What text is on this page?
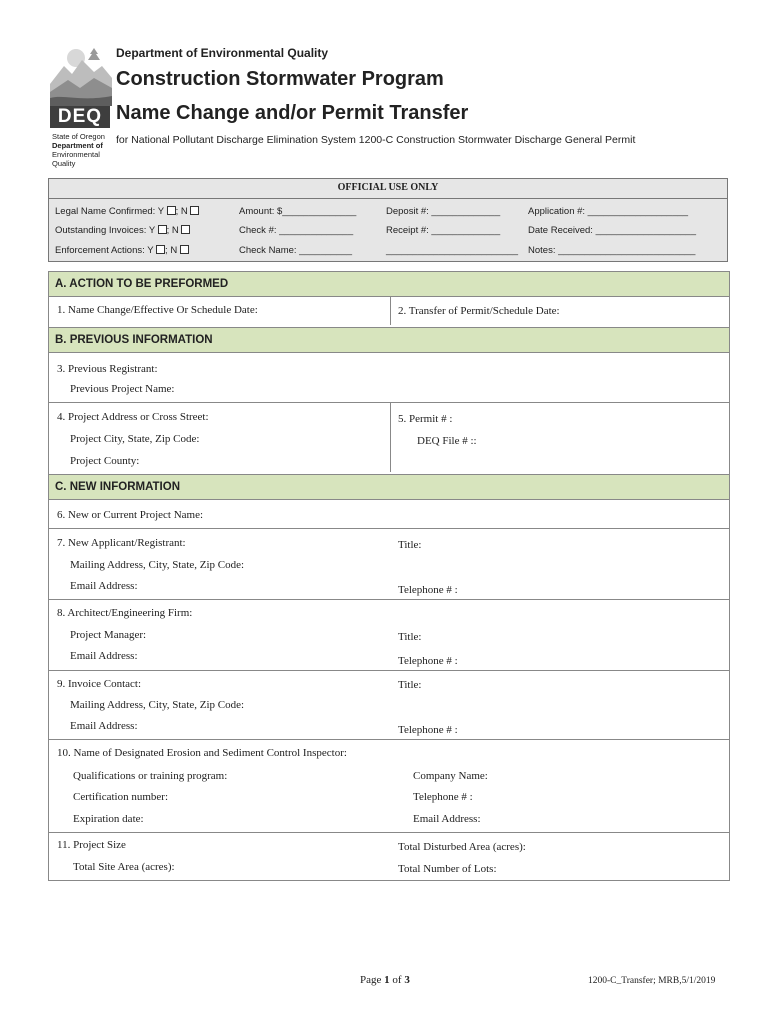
DEQ
State of Oregon
Department of
Environmental
Quality
Department of Environmental Quality
Construction Stormwater Program
Name Change and/or Permit Transfer
for National Pollutant Discharge Elimination System 1200-C Construction Stormwater Discharge General Permit
OFFICIAL USE ONLY
Legal Name Confirmed: Y ; N
Outstanding Invoices: Y ; N
Enforcement Actions: Y ; N
Amount: $______________
Check #: ______________
Check Name: __________
Deposit #: _____________
Receipt #: _____________
_________________________
Application #: ___________________
Date Received: ___________________
Notes: __________________________
A. ACTION TO BE PREFORMED
1. Name Change/Effective Or Schedule Date:	2. Transfer of Permit/Schedule Date:
B. PREVIOUS INFORMATION
3. Previous Registrant:
Previous Project Name:
4. Project Address or Cross Street:
Project City, State, Zip Code:
Project County:
5. Permit # :
DEQ File # ::
C. NEW INFORMATION
6. New or Current Project Name:
7. New Applicant/Registrant:
Mailing Address, City, State, Zip Code:
Email Address:
Title:
Telephone # :
8. Architect/Engineering Firm:
Project Manager:
Email Address:
Title:
Telephone # :
9. Invoice Contact:
Mailing Address, City, State, Zip Code:
Email Address:
Title:
Telephone # :
10. Name of Designated Erosion and Sediment Control Inspector:
Qualifications or training program:
Certification number:
Expiration date:
Company Name:
Telephone # :
Email Address:
11. Project Size
Total Site Area (acres):
Total Disturbed Area (acres):
Total Number of Lots:
Page 1 of 3	1200-C_Transfer; MRB,5/1/2019
